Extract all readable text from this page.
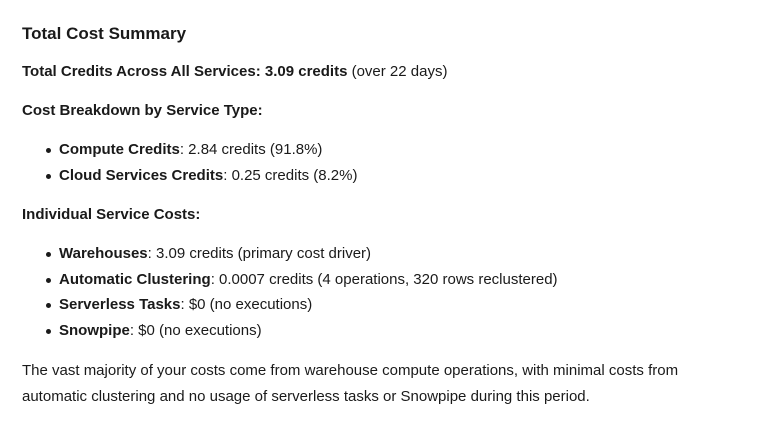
Total Cost Summary

Total Credits Across All Services: 3.09 credits (over 22 days)

Cost Breakdown by Service Type:

Compute Credits: 2.84 credits (91.8%)
Cloud Services Credits: 0.25 credits (8.2%)

Individual Service Costs:

Warehouses: 3.09 credits (primary cost driver)
Automatic Clustering: 0.0007 credits (4 operations, 320 rows reclustered)
Serverless Tasks: $0 (no executions)
Snowpipe: $0 (no executions)

The vast majority of your costs come from warehouse compute operations, with minimal costs from automatic clustering and no usage of serverless tasks or Snowpipe during this period.
